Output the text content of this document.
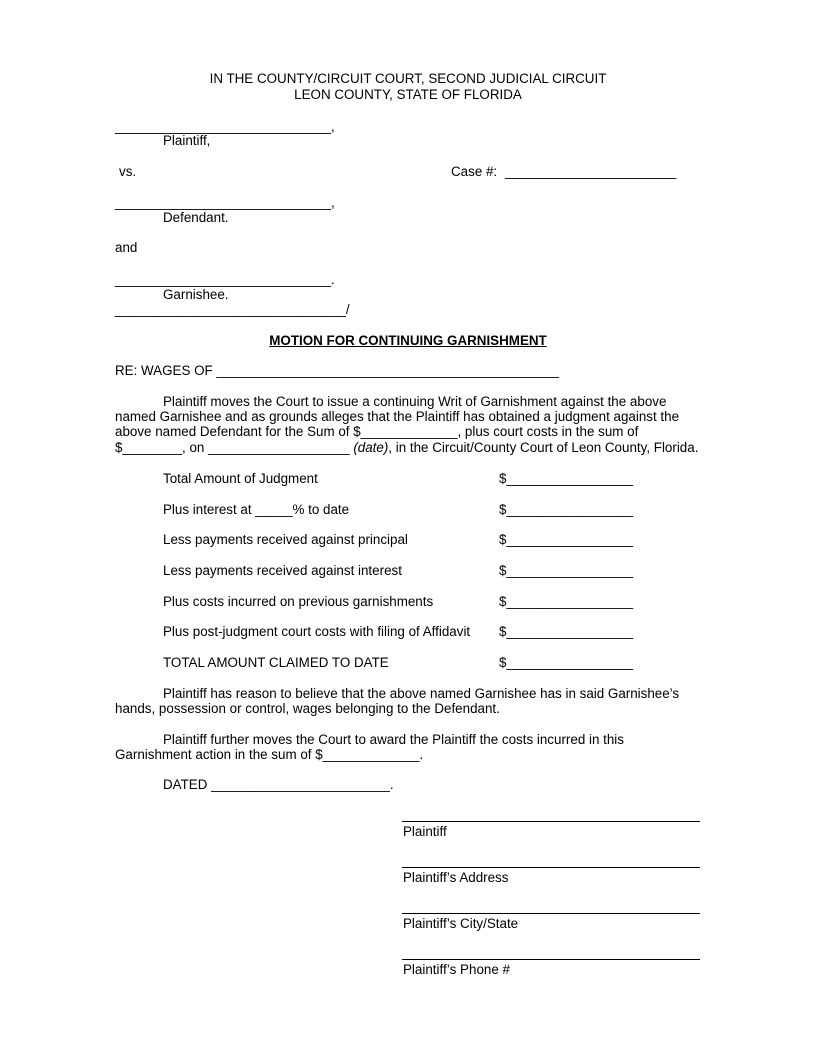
IN THE COUNTY/CIRCUIT COURT, SECOND JUDICIAL CIRCUIT
LEON COUNTY, STATE OF FLORIDA
_____________________________,
Plaintiff,
vs.	Case #: _______________________
_____________________________,
Defendant.
and
_____________________________.
Garnishee.
_______________________________/
MOTION FOR CONTINUING GARNISHMENT
RE: WAGES OF ______________________________________________
Plaintiff moves the Court to issue a continuing Writ of Garnishment against the above
named Garnishee and as grounds alleges that the Plaintiff has obtained a judgment against the
above named Defendant for the Sum of $_____________, plus court costs in the sum of
$________, on ___________________ (date), in the Circuit/County Court of Leon County, Florida.
Total Amount of Judgment	$_________________
Plus interest at _____% to date	$_________________
Less payments received against principal	$_________________
Less payments received against interest	$_________________
Plus costs incurred on previous garnishments	$_________________
Plus post-judgment court costs with filing of Affidavit $_________________
TOTAL AMOUNT CLAIMED TO DATE	$_________________
Plaintiff has reason to believe that the above named Garnishee has in said Garnishee’s
hands, possession or control, wages belonging to the Defendant.
Plaintiff further moves the Court to award the Plaintiff the costs incurred in this
Garnishment action in the sum of $_____________.
DATED ________________________.
Plaintiff
Plaintiff’s Address
Plaintiff’s City/State
Plaintiff’s Phone #
